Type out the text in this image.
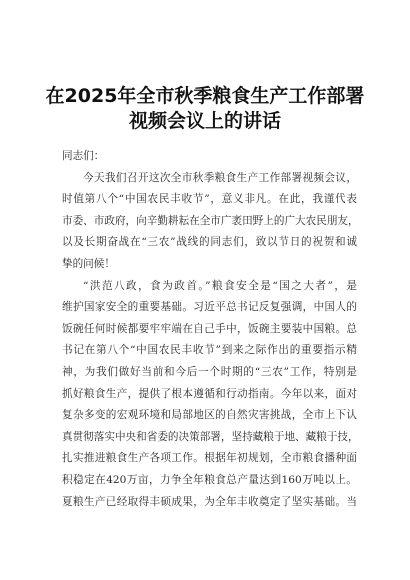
在2025年全市秋季粮食生产工作部署
视频会议上的讲话
同志们：
今天我们召开这次全市秋季粮食生产工作部署视频会议，
时值第八个“中国农民丰收节”，意义非凡。在此，我谨代表
市委、市政府，向辛勤耕耘在全市广袤田野上的广大农民朋友，
以及长期奋战在“三农”战线的同志们，致以节日的祝贺和诚
挚的问候！
“洪范八政，食为政首。”粮食安全是“国之大者”，是
维护国家安全的重要基础。习近平总书记反复强调，中国人的
饭碗任何时候都要牢牢端在自己手中，饭碗主要装中国粮。总
书记在第八个“中国农民丰收节”到来之际作出的重要指示精
神，为我们做好当前和今后一个时期的“三农”工作，特别是
抓好粮食生产，提供了根本遵循和行动指南。今年以来，面对
复杂多变的宏观环境和局部地区的自然灾害挑战，全市上下认
真贯彻落实中央和省委的决策部署，坚持藏粮于地、藏粮于技，
扎实推进粮食生产各项工作。根据年初规划，全市粮食播种面
积稳定在420万亩，力争全年粮食总产量达到160万吨以上。
夏粮生产已经取得丰硕成果，为全年丰收奠定了坚实基础。当
